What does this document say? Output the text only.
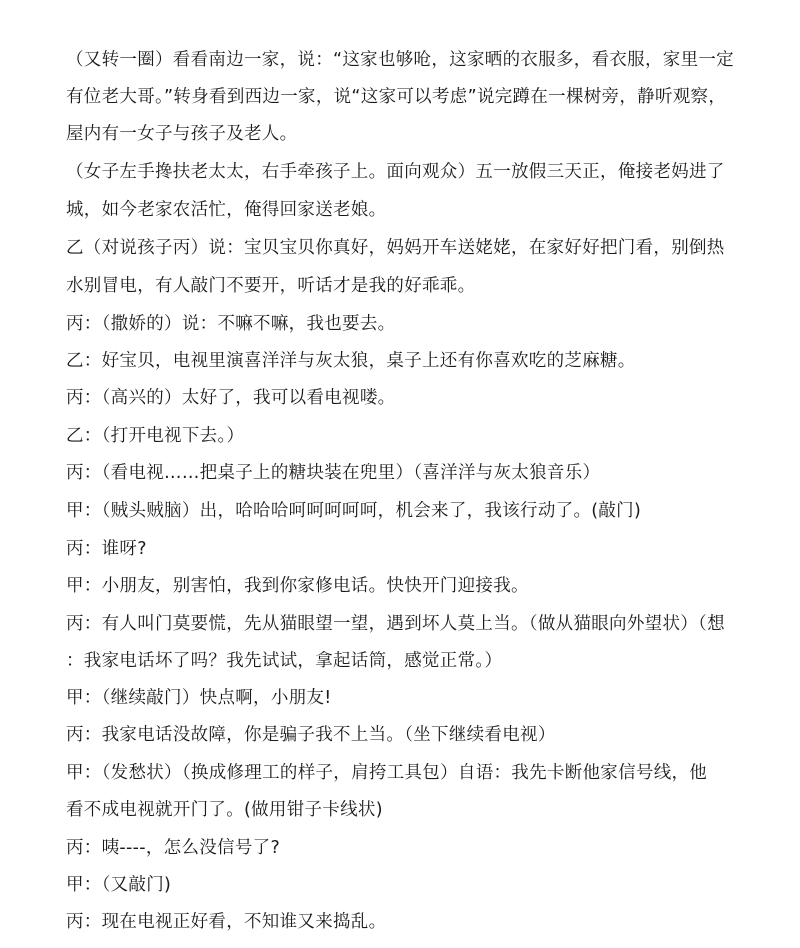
（又转一圈）看看南边一家，说：“这家也够呛，这家晒的衣服多，看衣服，家里一定
有位老大哥。”转身看到西边一家，说“这家可以考虑”说完蹲在一棵树旁，静听观察，
屋内有一女子与孩子及老人。
（女子左手搀扶老太太，右手牵孩子上。面向观众）五一放假三天正，俺接老妈进了
城，如今老家农活忙，俺得回家送老娘。
乙（对说孩子丙）说：宝贝宝贝你真好，妈妈开车送姥姥，在家好好把门看，别倒热
水别冒电，有人敲门不要开，听话才是我的好乖乖。
丙：（撒娇的）说：不嘛不嘛，我也要去。
乙：好宝贝，电视里演喜洋洋与灰太狼，桌子上还有你喜欢吃的芝麻糖。
丙：（高兴的）太好了，我可以看电视喽。
乙：（打开电视下去。）
丙：（看电视……把桌子上的糖块装在兜里）（喜洋洋与灰太狼音乐）
甲：（贼头贼脑）出，哈哈哈呵呵呵呵呵，机会来了，我该行动了。(敲门)
丙：谁呀?
甲：小朋友，别害怕，我到你家修电话。快快开门迎接我。
丙：有人叫门莫要慌，先从猫眼望一望，遇到坏人莫上当。（做从猫眼向外望状）（想
：我家电话坏了吗？我先试试，拿起话筒，感觉正常。）
甲：（继续敲门）快点啊，小朋友!
丙：我家电话没故障，你是骗子我不上当。（坐下继续看电视）
甲：（发愁状）（换成修理工的样子，肩挎工具包）自语：我先卡断他家信号线，他
看不成电视就开门了。(做用钳子卡线状)
丙：咦----，怎么没信号了?
甲：（又敲门)
丙：现在电视正好看，不知谁又来捣乱。
